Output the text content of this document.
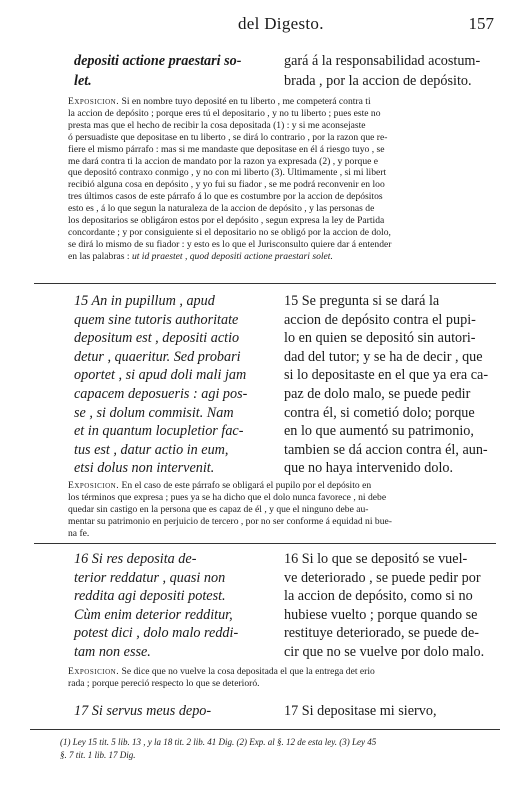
del Digesto.	157
depositi actione praestari so-
let.
gará á la responsabilidad acostum-
brada , por la accion de depósito.
Exposicion. Si en nombre tuyo deposité en tu liberto , me competerá contra ti
la accion de depósito ; porque eres tú el depositario , y no tu liberto ; pues este no
presta mas que el hecho de recibir la cosa depositada (1) : y si me aconsejaste
ó persuadiste que depositase en tu liberto , se dirá lo contrario , por la razon que re-
fiere el mismo párrafo : mas si me mandaste que depositase en él á riesgo tuyo , se
me dará contra ti la accion de mandato por la razon ya expresada (2) , y porque e
que depositó contraxo conmigo , y no con mi liberto (3). Ultimamente , si mi libert
recibió alguna cosa en depósito , y yo fui su fiador , se me podrá reconvenir en loo
tres últimos casos de este párrafo á lo que es costumbre por la accion de depósitos
esto es , á lo que segun la naturaleza de la accion de depósito , y las personas de
los depositarios se obligáron estos por el depósito , segun expresa la ley de Partida
concordante ; y por consiguiente si el depositario no se obligó por la accion de dolo,
se dirá lo mismo de su fiador : y esto es lo que el Jurisconsulto quiere dar á entender
en las palabras : ut id praestet , quod depositi actione praestari solet.
15 An in pupillum , apud
quem sine tutoris authoritate
depositum est , depositi actio
detur , quaeritur. Sed probari
oportet , si apud doli mali jam
capacem deposueris : agi pos-
se , si dolum commisit. Nam
et in quantum locupletior fac-
tus est , datur actio in eum,
etsi dolus non intervenit.
15 Se pregunta si se dará la
accion de depósito contra el pupi-
lo en quien se depositó sin autori-
dad del tutor; y se ha de decir , que
si lo depositaste en el que ya era ca-
paz de dolo malo, se puede pedir
contra él, si cometió dolo; porque
en lo que aumentó su patrimonio,
tambien se dá accion contra él, aun-
que no haya intervenido dolo.
Exposicion. En el caso de este párrafo se obligará el pupilo por el depósito en
los términos que expresa ; pues ya se ha dicho que el dolo nunca favorece , ni debe
quedar sin castigo en la persona que es capaz de él , y que el ninguno debe au-
mentar su patrimonio en perjuicio de tercero , por no ser conforme á equidad ni bue-
na fe.
16 Si res deposita de-
terior reddatur , quasi non
reddita agi depositi potest.
Cùm enim deterior redditur,
potest dici , dolo malo reddi-
tam non esse.
16 Si lo que se depositó se vuel-
ve deteriorado , se puede pedir por
la accion de depósito, como si no
hubiese vuelto ; porque quando se
restituye deteriorado, se puede de-
cir que no se vuelve por dolo malo.
Exposicion. Se dice que no vuelve la cosa depositada el que la entrega det erio
rada ; porque pereció respecto lo que se deterioró.
17 Si servus meus depo-	17 Si depositase mi siervo,
(1) Ley 15 tit. 5 lib. 13 , y la 18 tit. 2 lib. 41 Dig. (2) Exp. al §. 12 de esta ley. (3) Ley 45
§. 7 tit. 1 lib. 17 Dig.
